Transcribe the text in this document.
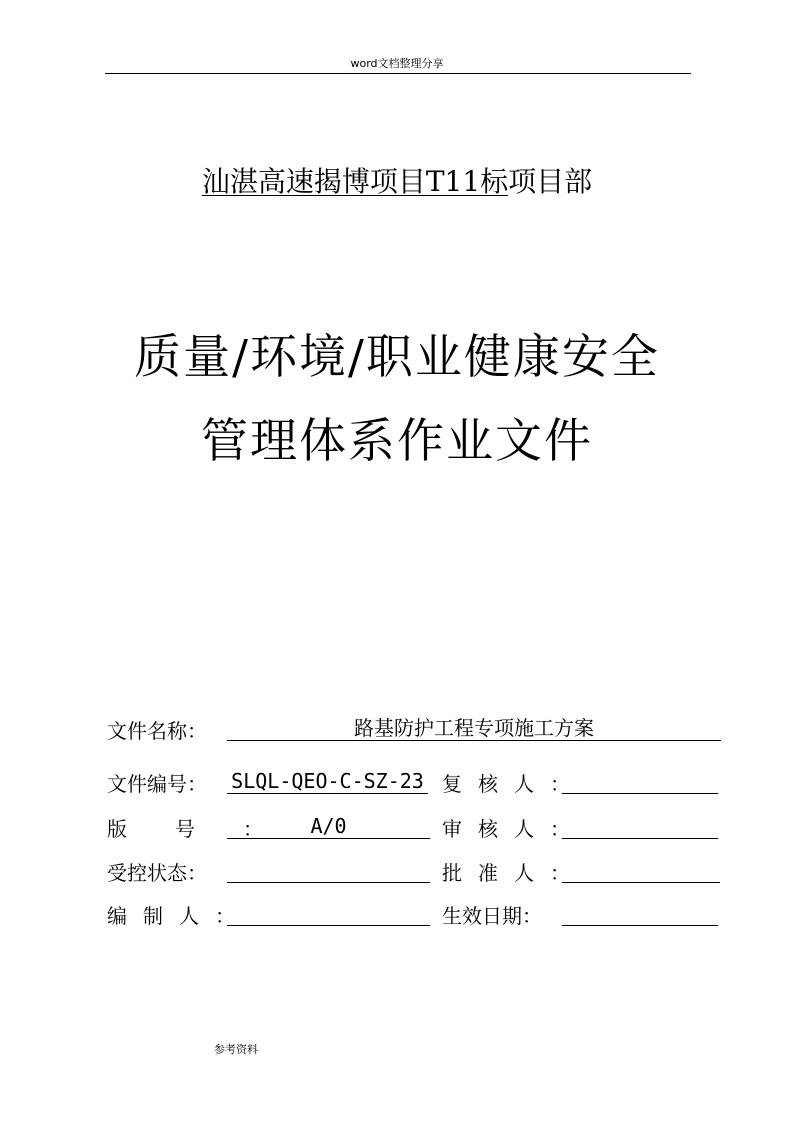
word文档整理分享
汕湛高速揭博项目T11标项目部
质量/环境/职业健康安全
管理体系作业文件
文件名称：	路基防护工程专项施工方案
文件编号： SLQL-QEO-C-SZ-23 复核人：
版号：	A/0	审核人：
受控状态：	批准人：
编制人：	生效日期：
参考资料
